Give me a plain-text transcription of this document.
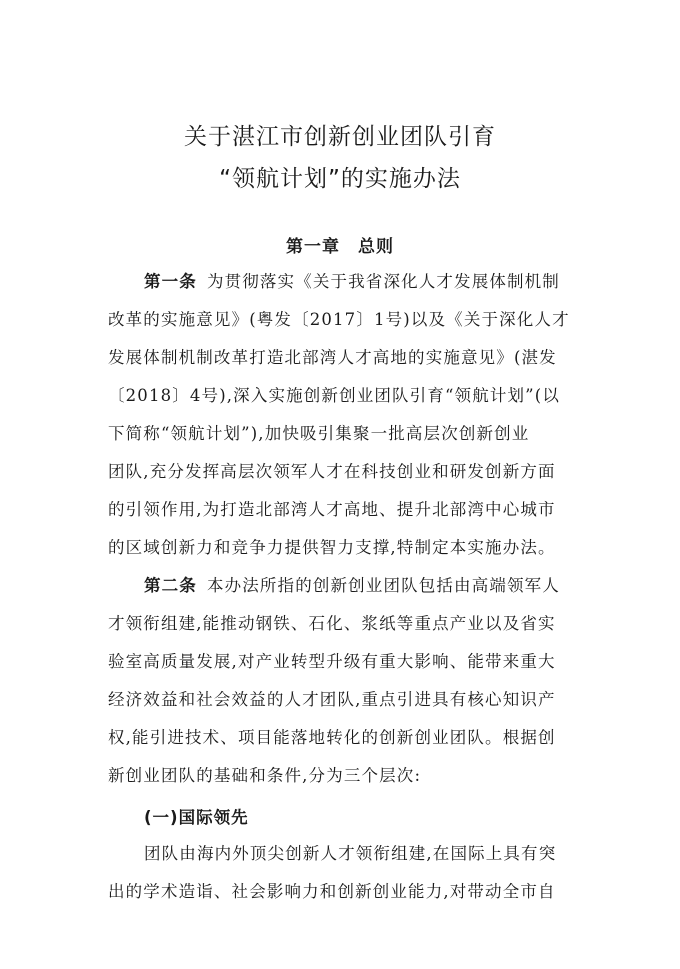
关于湛江市创新创业团队引育
“领航计划”的实施办法
第一章 总则

第一条 为贯彻落实《关于我省深化人才发展体制机制

改革的实施意见》(粤发〔2017〕1号)以及《关于深化人才

发展体制机制改革打造北部湾人才高地的实施意见》(湛发

〔2018〕4号),深入实施创新创业团队引育“领航计划”(以

下简称“领航计划”),加快吸引集聚一批高层次创新创业

团队,充分发挥高层次领军人才在科技创业和研发创新方面

的引领作用,为打造北部湾人才高地、提升北部湾中心城市

的区域创新力和竞争力提供智力支撑,特制定本实施办法。

第二条 本办法所指的创新创业团队包括由高端领军人

才领衔组建,能推动钢铁、石化、浆纸等重点产业以及省实

验室高质量发展,对产业转型升级有重大影响、能带来重大

经济效益和社会效益的人才团队,重点引进具有核心知识产

权,能引进技术、项目能落地转化的创新创业团队。根据创

新创业团队的基础和条件,分为三个层次:

(一)国际领先

团队由海内外顶尖创新人才领衔组建,在国际上具有突

出的学术造诣、社会影响力和创新创业能力,对带动全市自
